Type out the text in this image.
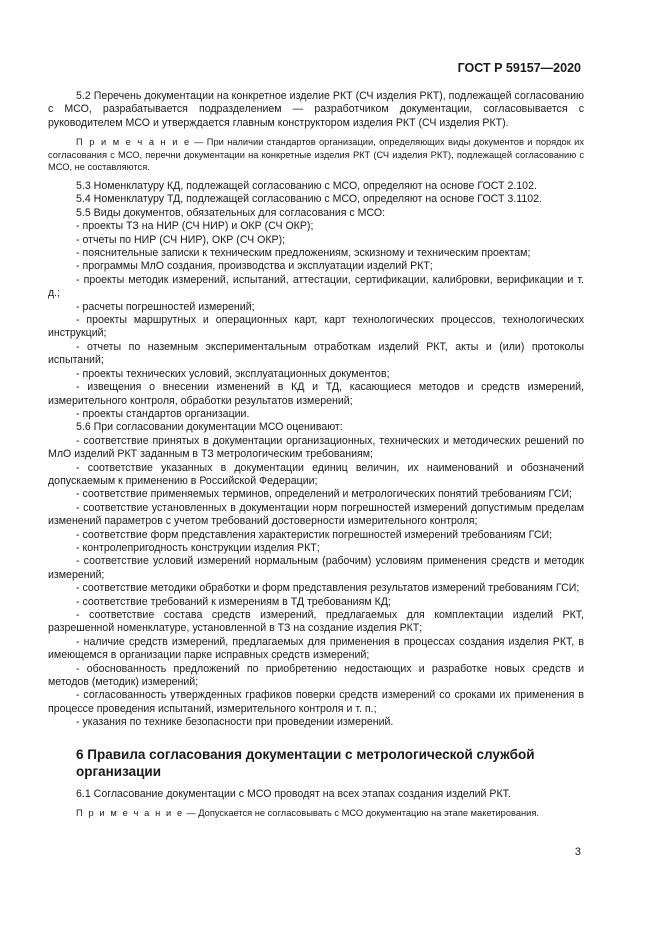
ГОСТ Р 59157—2020

5.2 Перечень документации на конкретное изделие РКТ (СЧ изделия РКТ), подлежащей согласованию с МСО, разрабатывается подразделением — разработчиком документации, согласовывается с руководителем МСО и утверждается главным конструктором изделия РКТ (СЧ изделия РКТ).

П р и м е ч а н и е — При наличии стандартов организации, определяющих виды документов и порядок их согласования с МСО, перечни документации на конкретные изделия РКТ (СЧ изделия РКТ), подлежащей согласованию с МСО, не составляются.

5.3 Номенклатуру КД, подлежащей согласованию с МСО, определяют на основе ГОСТ 2.102.

5.4 Номенклатуру ТД, подлежащей согласованию с МСО, определяют на основе ГОСТ 3.1102.

5.5 Виды документов, обязательных для согласования с МСО:

- проекты ТЗ на НИР (СЧ НИР) и ОКР (СЧ ОКР);

- отчеты по НИР (СЧ НИР), ОКР (СЧ ОКР);

- пояснительные записки к техническим предложениям, эскизному и техническим проектам;

- программы МлО создания, производства и эксплуатации изделий РКТ;

- проекты методик измерений, испытаний, аттестации, сертификации, калибровки, верификации и т. д.;

- расчеты погрешностей измерений;

- проекты маршрутных и операционных карт, карт технологических процессов, технологических инструкций;

- отчеты по наземным экспериментальным отработкам изделий РКТ, акты и (или) протоколы испытаний;

- проекты технических условий, эксплуатационных документов;

- извещения о внесении изменений в КД и ТД, касающиеся методов и средств измерений, измерительного контроля, обработки результатов измерений;

- проекты стандартов организации.

5.6 При согласовании документации МСО оценивают:

- соответствие принятых в документации организационных, технических и методических решений по МлО изделий РКТ заданным в ТЗ метрологическим требованиям;

- соответствие указанных в документации единиц величин, их наименований и обозначений допускаемым к применению в Российской Федерации;

- соответствие применяемых терминов, определений и метрологических понятий требованиям ГСИ;

- соответствие установленных в документации норм погрешностей измерений допустимым пределам изменений параметров с учетом требований достоверности измерительного контроля;

- соответствие форм представления характеристик погрешностей измерений требованиям ГСИ;

- контролепригодность конструкции изделия РКТ;

- соответствие условий измерений нормальным (рабочим) условиям применения средств и методик измерений;

- соответствие методики обработки и форм представления результатов измерений требованиям ГСИ;

- соответствие требований к измерениям в ТД требованиям КД;

- соответствие состава средств измерений, предлагаемых для комплектации изделий РКТ, разрешенной номенклатуре, установленной в ТЗ на создание изделия РКТ;

- наличие средств измерений, предлагаемых для применения в процессах создания изделия РКТ, в имеющемся в организации парке исправных средств измерений;

- обоснованность предложений по приобретению недостающих и разработке новых средств и методов (методик) измерений;

- согласованность утвержденных графиков поверки средств измерений со сроками их применения в процессе проведения испытаний, измерительного контроля и т. п.;

- указания по технике безопасности при проведении измерений.

6 Правила согласования документации с метрологической службой организации

6.1 Согласование документации с МСО проводят на всех этапах создания изделий РКТ.

П р и м е ч а н и е — Допускается не согласовывать с МСО документацию на этапе макетирования.

3
